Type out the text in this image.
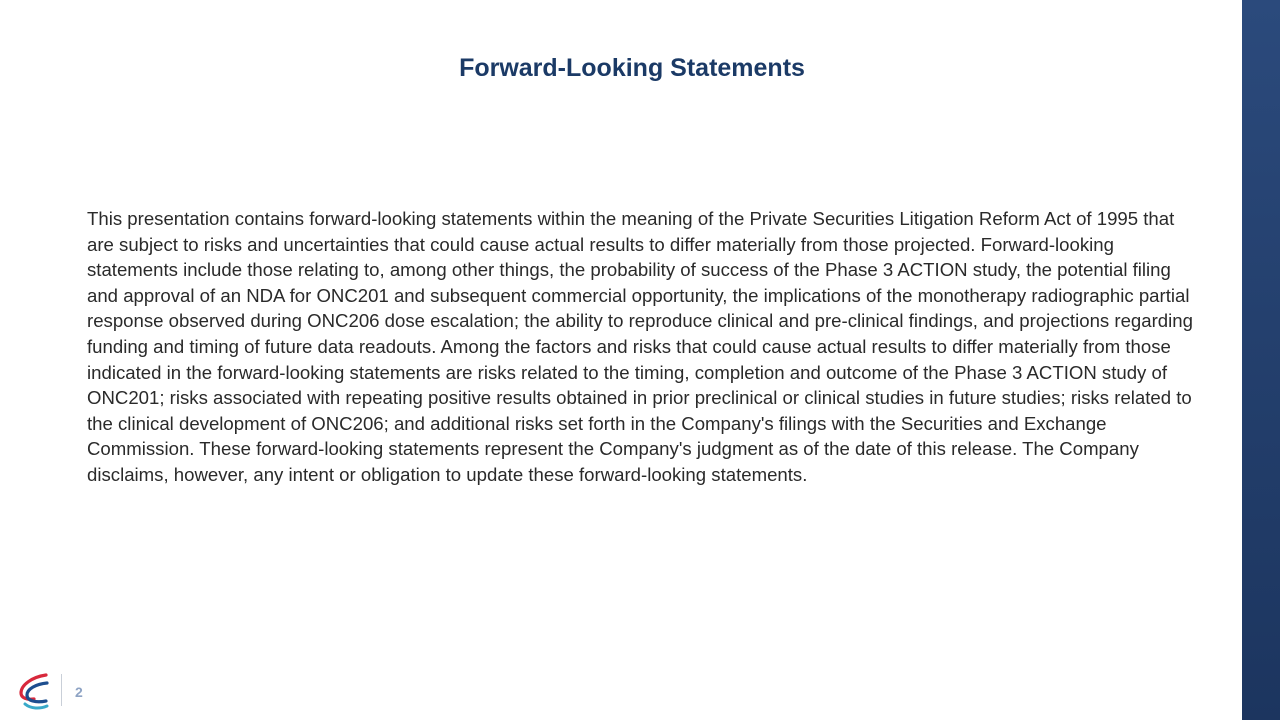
Forward-Looking Statements

This presentation contains forward-looking statements within the meaning of the Private Securities Litigation Reform Act of 1995 that are subject to risks and uncertainties that could cause actual results to differ materially from those projected. Forward-looking statements include those relating to, among other things, the probability of success of the Phase 3 ACTION study, the potential filing and approval of an NDA for ONC201 and subsequent commercial opportunity, the implications of the monotherapy radiographic partial response observed during ONC206 dose escalation; the ability to reproduce clinical and pre-clinical findings, and projections regarding funding and timing of future data readouts. Among the factors and risks that could cause actual results to differ materially from those indicated in the forward-looking statements are risks related to the timing, completion and outcome of the Phase 3 ACTION study of ONC201; risks associated with repeating positive results obtained in prior preclinical or clinical studies in future studies; risks related to the clinical development of ONC206; and additional risks set forth in the Company's filings with the Securities and Exchange Commission. These forward-looking statements represent the Company's judgment as of the date of this release. The Company disclaims, however, any intent or obligation to update these forward-looking statements.

2
